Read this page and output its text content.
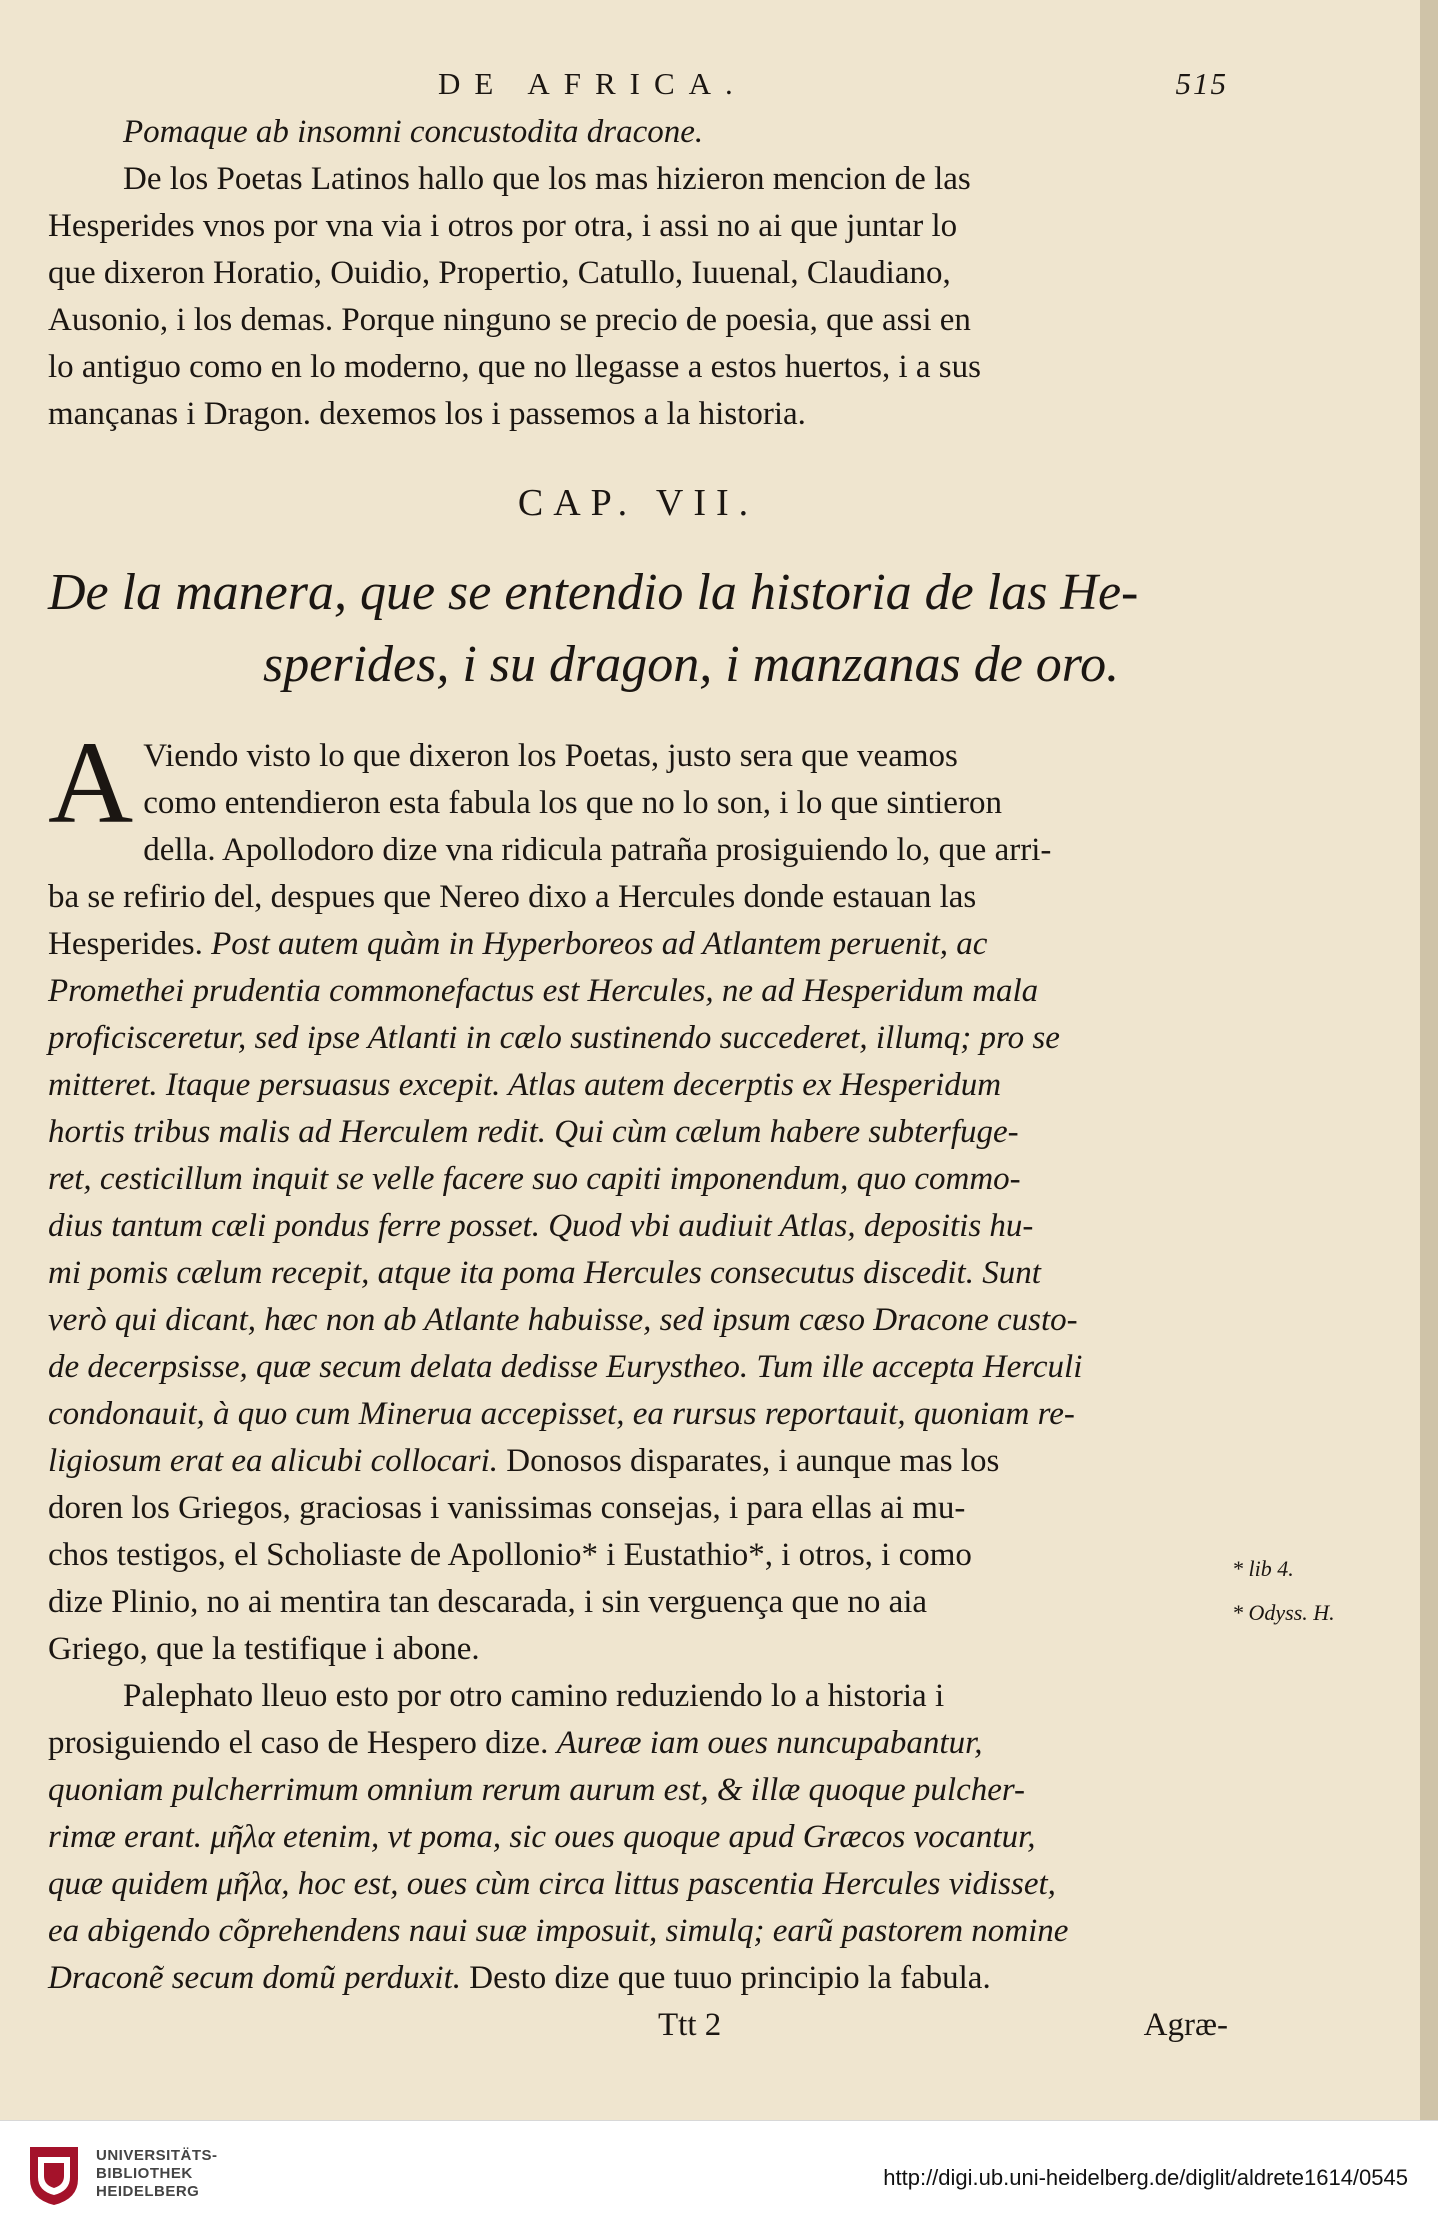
DE AFRICA.	515
Pomaque ab insomni concustodita dracone.
De los Poetas Latinos hallo que los mas hizieron mencion de las
Hesperides vnos por vna via i otros por otra, i assi no ai que juntar lo
que dixeron Horatio, Ouidio, Propertio, Catullo, Iuuenal, Claudiano,
Ausonio, i los demas. Porque ninguno se precio de poesia, que assi en
lo antiguo como en lo moderno, que no llegasse a estos huertos, i a sus
mançanas i Dragon. dexemos los i passemos a la historia.
CAP. VII.
De la manera, que se entendio la historia de las He-
sperides, i su dragon, i manzanas de oro.
A Viendo visto lo que dixeron los Poetas, justo sera que veamos
como entendieron esta fabula los que no lo son, i lo que sintieron
della. Apollodoro dize vna ridicula patraña prosiguiendo lo, que arri-
ba se refirio del, despues que Nereo dixo a Hercules donde estauan las
Hesperides. Post autem quàm in Hyperboreos ad Atlantem peruenit, ac
Promethei prudentia commonefactus est Hercules, ne ad Hesperidum mala
proficisceretur, sed ipse Atlanti in cælo sustinendo succederet, illumq; pro se
mitteret. Itaque persuasus excepit. Atlas autem decerptis ex Hesperidum
hortis tribus malis ad Herculem redit. Qui cùm cælum habere subterfuge-
ret, cesticillum inquit se velle facere suo capiti imponendum, quo commo-
dius tantum cæli pondus ferre posset. Quod vbi audiuit Atlas, depositis hu-
mi pomis cælum recepit, atque ita poma Hercules consecutus discedit. Sunt
verò qui dicant, hæc non ab Atlante habuisse, sed ipsum cæso Dracone custo-
de decerpsisse, quæ secum delata dedisse Eurystheo. Tum ille accepta Herculi
condonauit, à quo cum Minerua accepisset, ea rursus reportauit, quoniam re-
ligiosum erat ea alicubi collocari. Donosos disparates, i aunque mas los
doren los Griegos, graciosas i vanissimas consejas, i para ellas ai mu-
chos testigos, el Scholiaste de Apollonio* i Eustathio*, i otros, i como
dize Plinio, no ai mentira tan descarada, i sin verguença que no aia
Griego, que la testifique i abone.
Palephato lleuo esto por otro camino reduziendo lo a historia i
prosiguiendo el caso de Hespero dize. Aureæ iam oues nuncupabantur,
quoniam pulcherrimum omnium rerum aurum est, & illæ quoque pulcher-
rimæ erant. μῆλα etenim, vt poma, sic oues quoque apud Græcos vocantur,
quæ quidem μῆλα, hoc est, oues cùm circa littus pascentia Hercules vidisset,
ea abigendo cõprehendens naui suæ imposuit, simulq; earũ pastorem nomine
Draconẽ secum domũ perduxit. Desto dize que tuuo principio la fabula.
Ttt 2	Agræ-
* lib 4.
* Odyss. H.
UNIVERSITÄTS-
BIBLIOTHEK
HEIDELBERG
http://digi.ub.uni-heidelberg.de/diglit/aldrete1614/0545
